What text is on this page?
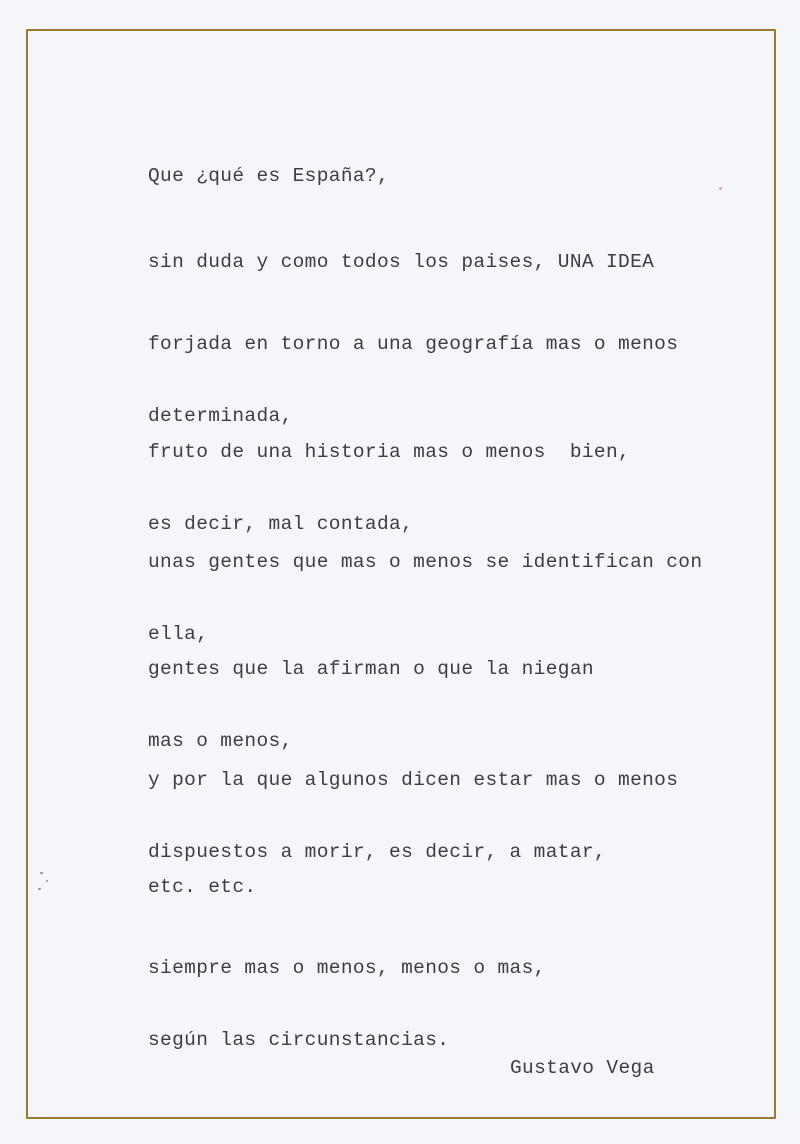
Que ¿qué es España?,

sin duda y como todos los paises, UNA IDEA

forjada en torno a una geografía mas o menos

determinada,

fruto de una historia mas o menos  bien,

es decir, mal contada,

unas gentes que mas o menos se identifican con

ella,

gentes que la afirman o que la niegan

mas o menos,

y por la que algunos dicen estar mas o menos

dispuestos a morir, es decir, a matar,

etc. etc.

siempre mas o menos, menos o mas,

según las circunstancias.

Gustavo Vega
